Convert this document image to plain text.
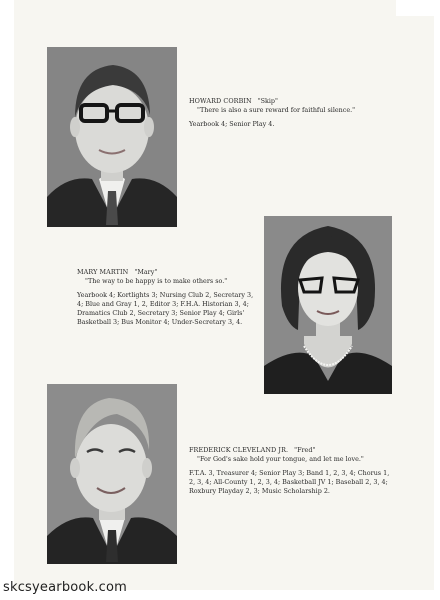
HOWARD CORBIN "Skip"
"There is also a sure reward for faithful silence."
Yearbook 4; Senior Play 4.
MARY MARTIN "Mary"
"The way to be happy is to make others so."
Yearbook 4; Kortlights 3; Nursing Club 2, Secretary 3, 4; Blue and Gray 1, 2, Editor 3; F.H.A. Historian 3, 4; Dramatics Club 2, Secretary 3; Senior Play 4; Girls' Basketball 3; Bus Monitor 4; Under-Secretary 3, 4.
FREDERICK CLEVELAND JR. "Fred"
"For God's sake hold your tongue, and let me love."
F.T.A. 3, Treasurer 4; Senior Play 3; Band 1, 2, 3, 4; Chorus 1, 2, 3, 4; All-County 1, 2, 3, 4; Basketball JV 1; Baseball 2, 3, 4; Roxbury Playday 2, 3; Music Scholarship 2.
skcsyearbook.com
